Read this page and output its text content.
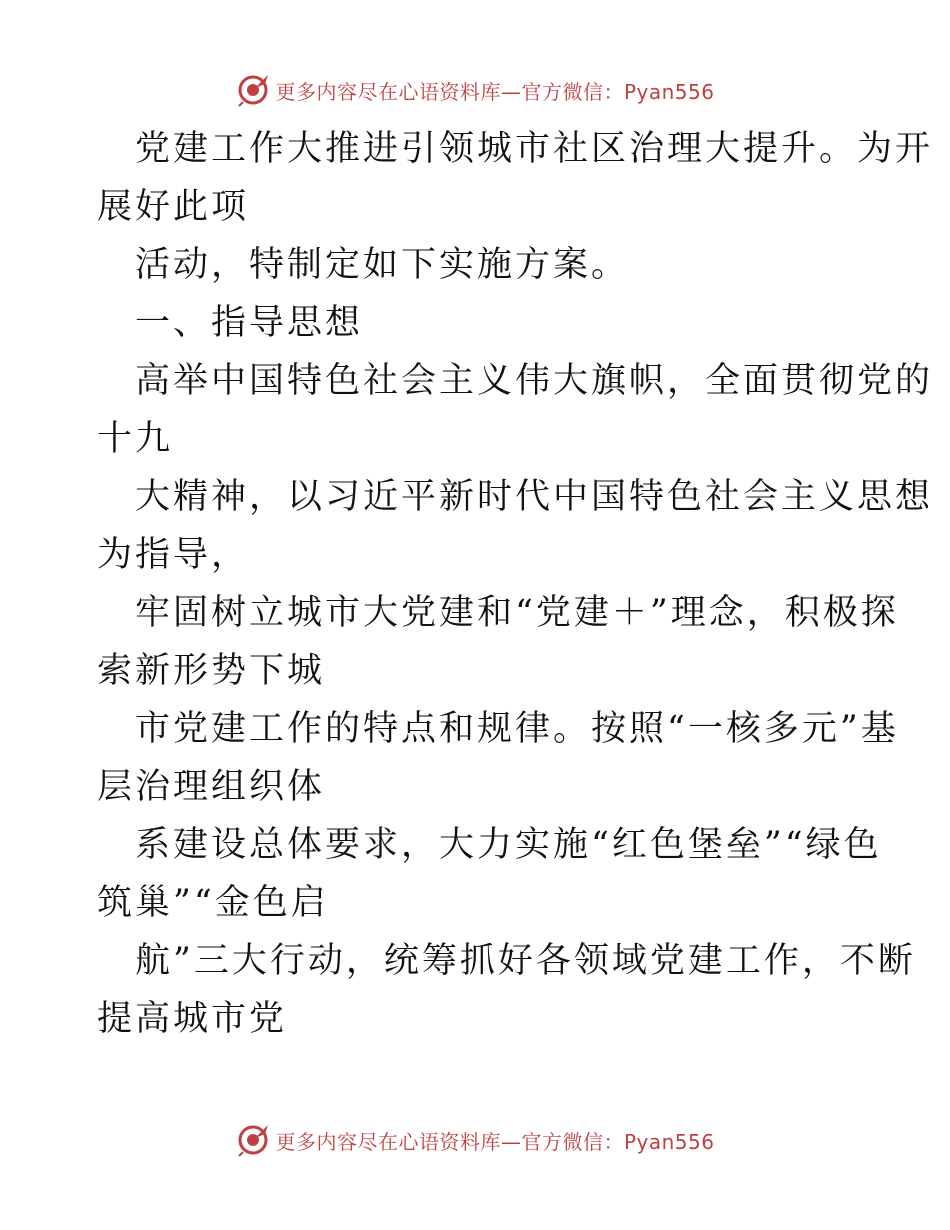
更多内容尽在心语资料库—官方微信：Pyan556
党建工作大推进引领城市社区治理大提升。为开
展好此项
活动，特制定如下实施方案。
一、指导思想
高举中国特色社会主义伟大旗帜，全面贯彻党的
十九
大精神，以习近平新时代中国特色社会主义思想
为指导，
牢固树立城市大党建和“党建＋”理念，积极探
索新形势下城
市党建工作的特点和规律。按照“一核多元”基
层治理组织体
系建设总体要求，大力实施“红色堡垒”“绿色
筑巢”“金色启
航”三大行动，统筹抓好各领域党建工作，不断
提高城市党
更多内容尽在心语资料库—官方微信：Pyan556
